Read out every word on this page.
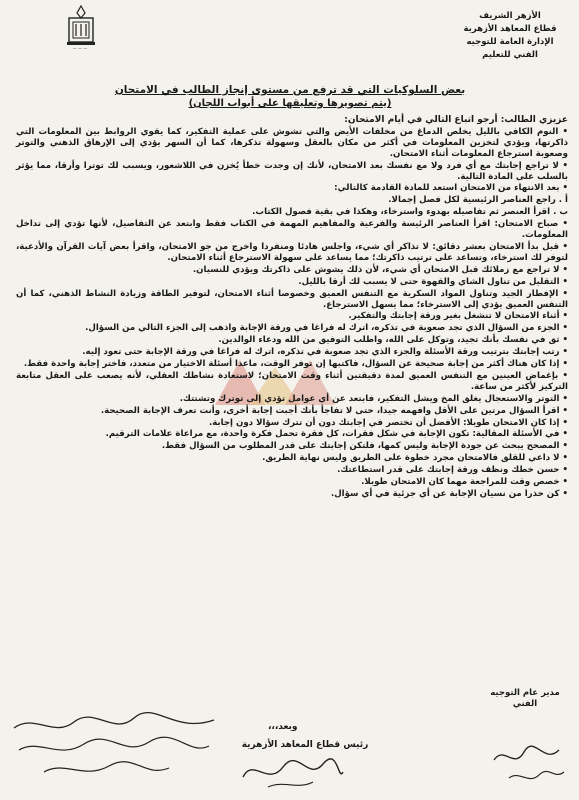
— — —
الأزهر الشريف
قطاع المعاهد الأزهرية
الإدارة العامة للتوجيه الفني للتعليم
بعض السلوكيات التي قد ترفع من مستوى إنجاز الطالب في الامتحان
(يتم تصويرها وتعليقها على أبواب اللجان)

عزيزي الطالب: أرجو اتباع التالي في أيام الامتحان:

• النوم الكافي بالليل يخلص الدماغ من مخلفات الأيض والتي تشوش على عملية التفكير، كما يقوي الروابط بين المعلومات التي ذاكرتها، ويؤدي لتخزين المعلومات في أكثر من مكان بالعقل وسهولة تذكرها، كما أن السهر يؤدي إلى الإرهاق الذهني والتوتر وصعوبة استرجاع المعلومات أثناء الامتحان.

• لا تراجع إجابتك مع أي فرد ولا مع نفسك بعد الامتحان، لأنك إن وجدت خطأ يُخزن في اللاشعور، ويسبب لك توترا وأرقا، مما يؤثر بالسلب على المادة التالية.

• بعد الانتهاء من الامتحان استعد للمادة القادمة كالتالي:

أ . راجع العناصر الرئيسية لكل فصل إجمالا.

ب . اقرأ العنصر ثم تفاصيله بهدوء واسترخاء، وهكذا في بقية فصول الكتاب.

• صباح الامتحان: اقرأ العناصر الرئيسة والفرعية والمفاهيم المهمة في الكتاب فقط وابتعد عن التفاصيل، لأنها تؤدي إلى تداخل المعلومات.

• قبل بدأ الامتحان بعشر دقائق: لا تذاكر أي شيء، واجلس هادئا ومنفردا واخرج من جو الامتحان، واقرأ بعض آيات القرآن والأدعية، لتوفر لك استرخاء، وتساعد على ترتيب ذاكرتك؛ مما يساعد على سهولة الاسترجاع أثناء الامتحان.

• لا تراجع مع زملائك قبل الامتحان أي شيء، لأن ذلك يشوش على ذاكرتك ويؤدي للنسيان.

• التقليل من تناول الشاي والقهوة حتى لا يسبب لك أرقا بالليل.

• الإفطار الجيد وتناول المواد السكرية مع التنفس العميق وخصوصا أثناء الامتحان، لتوفير الطاقة وزيادة النشاط الذهني، كما أن التنفس العميق يؤدي إلى الاسترخاء؛ مما يسهل الاسترجاع.

• أثناء الامتحان لا تنشغل بغير ورقة إجابتك والتفكير.

• الجزء من السؤال الذي تجد صعوبة في تذكره، اترك له فراغا في ورقة الإجابة واذهب إلى الجزء التالي من السؤال.

• ثق في نفسك بأنك تجيد، وتوكل على الله، واطلب التوفيق من الله ودعاء الوالدين.

• رتب إجابتك بترتيب ورقة الأسئلة والجزء الذي تجد صعوبة في تذكره، اترك له فراغا في ورقة الإجابة حتى تعود إليه.

• إذا كان هناك أكثر من إجابة صحيحة عن السؤال، فاكتبها إن توفر الوقت، ماعدا أسئلة الاختيار من متعدد، فاختر إجابة واحدة فقط.

• بإغماض العينين مع التنفس العميق لمدة دقيقتين أثناء وقت الامتحان؛ لاستعادة نشاطك العقلي، لأنه يصعب على العقل متابعة التركيز لأكثر من ساعة.

• التوتر والاستعجال يغلق المخ ويشل التفكير، فابتعد عن أي عوامل تؤدي إلى توترك وتشتتك.

• اقرأ السؤال مرتين على الأقل وافهمه جيدا، حتى لا تفاجأ بأنك أجبت إجابة أخرى، وأنت تعرف الإجابة الصحيحة.

• إذا كان الامتحان طويلا: الأفضل أن تختصر في إجابتك دون أن تترك سؤالا دون إجابة.

• في الأسئلة المقالية: تكون الإجابة في شكل فقرات، كل فقرة تحمل فكرة واحدة، مع مراعاة علامات الترقيم.

• المصحح يبحث عن جودة الإجابة وليس كمها، فلتكن إجابتك على قدر المطلوب من السؤال فقط.

• لا داعي للقلق فالامتحان مجرد خطوة على الطريق وليس نهاية الطريق.

• حسن خطك ونظف ورقة إجابتك على قدر استطاعتك.

• خصص وقت للمراجعة مهما كان الامتحان طويلا.

• كن حذرا من نسيان الإجابة عن أي جزئية في أي سؤال.

مدير عام التوجيه الفني
وبعد،،،
رئيس قطاع المعاهد الأزهرية
